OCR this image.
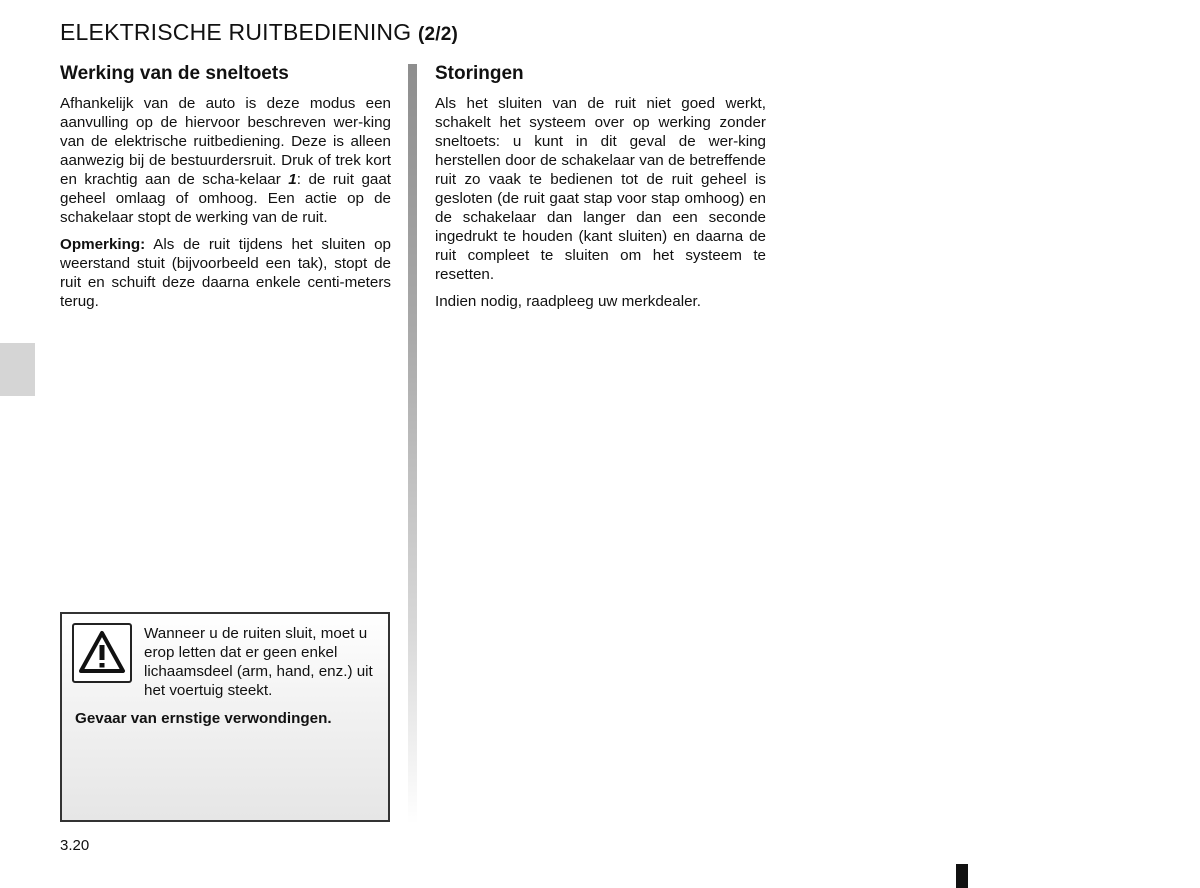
ELEKTRISCHE RUITBEDIENING (2/2)
Werking van de sneltoets

Afhankelijk van de auto is deze modus een aanvulling op de hiervoor beschreven wer-king van de elektrische ruitbediening. Deze is alleen aanwezig bij de bestuurdersruit. Druk of trek kort en krachtig aan de scha-kelaar 1: de ruit gaat geheel omlaag of omhoog. Een actie op de schakelaar stopt de werking van de ruit.

Opmerking: Als de ruit tijdens het sluiten op weerstand stuit (bijvoorbeeld een tak), stopt de ruit en schuift deze daarna enkele centi-meters terug.

Storingen

Als het sluiten van de ruit niet goed werkt, schakelt het systeem over op werking zonder sneltoets: u kunt in dit geval de wer-king herstellen door de schakelaar van de betreffende ruit zo vaak te bedienen tot de ruit geheel is gesloten (de ruit gaat stap voor stap omhoog) en de schakelaar dan langer dan een seconde ingedrukt te houden (kant sluiten) en daarna de ruit compleet te sluiten om het systeem te resetten.

Indien nodig, raadpleeg uw merkdealer.

Wanneer u de ruiten sluit, moet u erop letten dat er geen enkel lichaamsdeel (arm, hand, enz.) uit het voertuig steekt.
Gevaar van ernstige verwondingen.
3.20
